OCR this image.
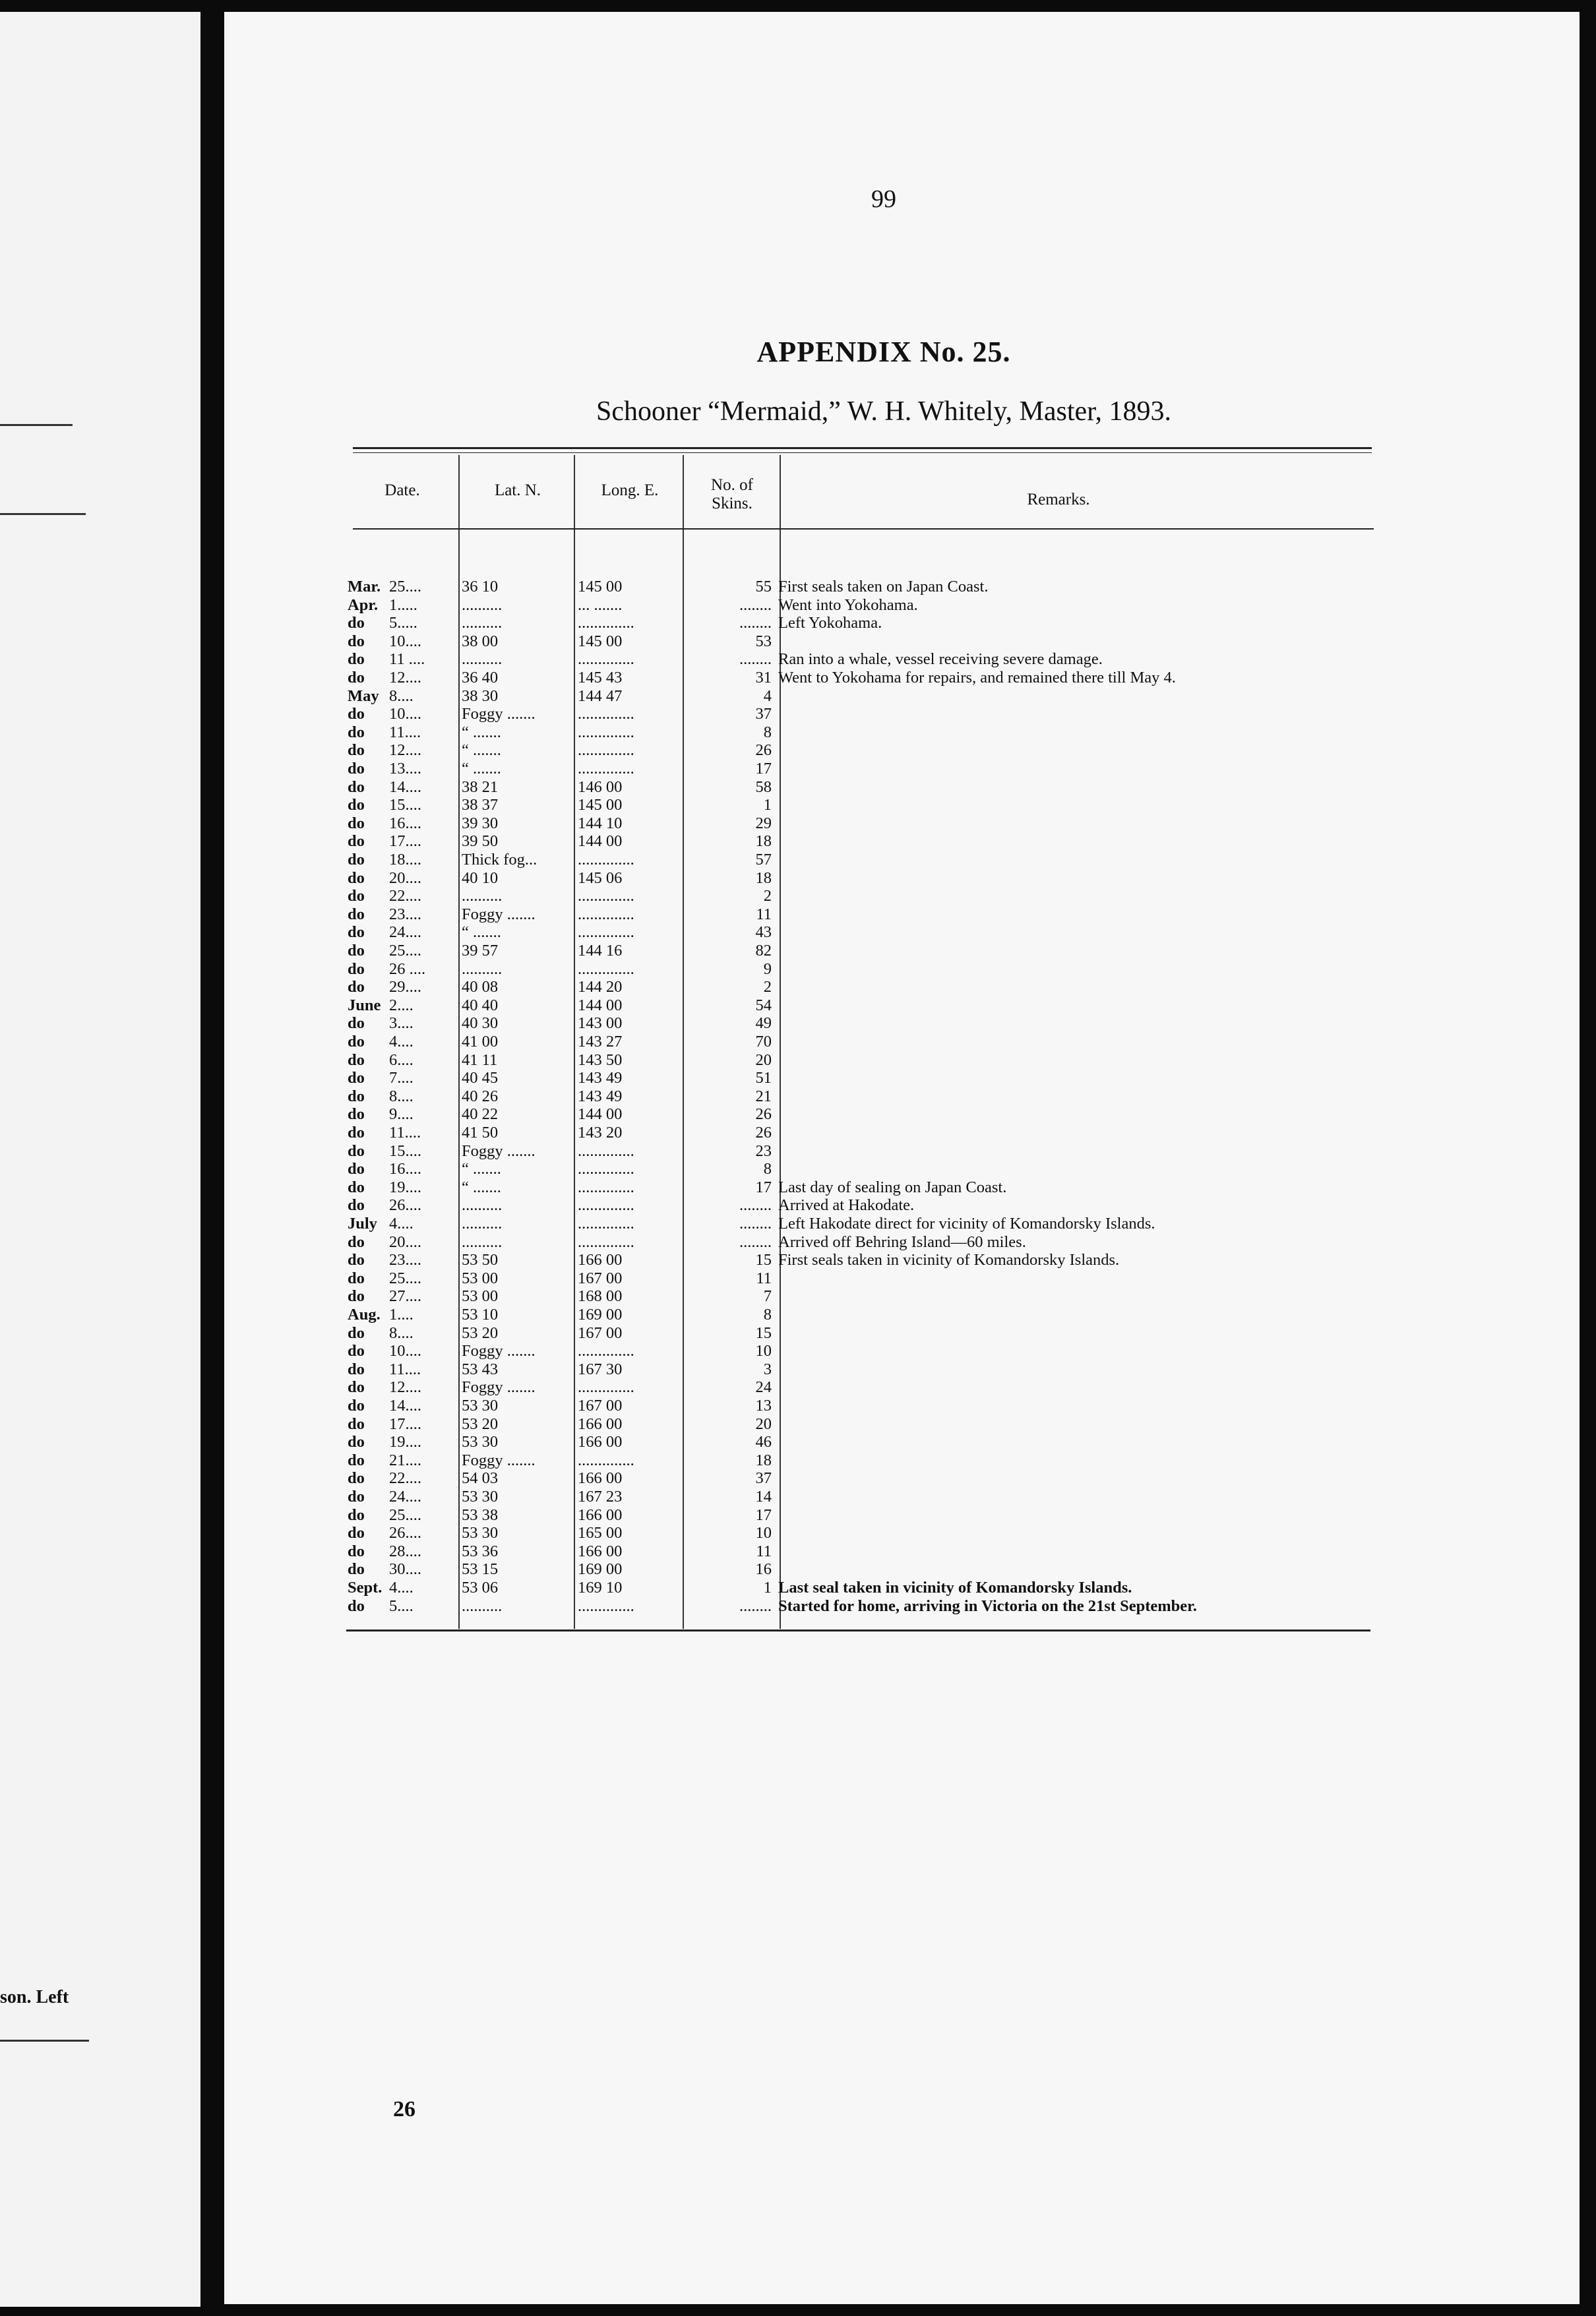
son. Left
99
APPENDIX No. 25.
Schooner “Mermaid,” W. H. Whitely, Master, 1893.
Date.	Lat. N.	Long. E.	No. of Skins.	Remarks.
Mar. 25....	36 10	145 00	55 First seals taken on Japan Coast.
Apr. 1.....	..........	... .......	........ Went into Yokohama.
do	5.....	..........	..............	........ Left Yokohama.
do	10....	38 00	145 00	53
do	11 ....	..........	..............	........ Ran into a whale, vessel receiving severe damage.
do	12....	36 40	145 43	31 Went to Yokohama for repairs, and remained there till May 4.
May 8....	38 30	144 47	4
do	10....	Foggy .......	..............	37
do	11....	“ .......	..............	8
do	12....	“ .......	..............	26
do	13....	“ .......	..............	17
do	14....	38 21	146 00	58
do	15....	38 37	145 00	1
do	16....	39 30	144 10	29
do	17....	39 50	144 00	18
do	18....	Thick fog...	..............	57
do	20....	40 10	145 06	18
do	22....	..........	..............	2
do	23....	Foggy .......	..............	11
do	24....	“ .......	..............	43
do	25....	39 57	144 16	82
do	26 ....	..........	..............	9
do	29....	40 08	144 20	2
June 2....	40 40	144 00	54
do	3....	40 30	143 00	49
do	4....	41 00	143 27	70
do	6....	41 11	143 50	20
do	7....	40 45	143 49	51
do	8....	40 26	143 49	21
do	9....	40 22	144 00	26
do	11....	41 50	143 20	26
do	15....	Foggy .......	..............	23
do	16....	“ .......	..............	8
do	19....	“ .......	..............	17 Last day of sealing on Japan Coast.
do	26....	..........	..............	........ Arrived at Hakodate.
July 4....	..........	..............	........ Left Hakodate direct for vicinity of Komandorsky Islands.
do	20....	..........	..............	........ Arrived off Behring Island—60 miles.
do	23....	53 50	166 00	15 First seals taken in vicinity of Komandorsky Islands.
do	25....	53 00	167 00	11
do	27....	53 00	168 00	7
Aug. 1....	53 10	169 00	8
do	8....	53 20	167 00	15
do	10....	Foggy .......	..............	10
do	11....	53 43	167 30	3
do	12....	Foggy .......	..............	24
do	14....	53 30	167 00	13
do	17....	53 20	166 00	20
do	19....	53 30	166 00	46
do	21....	Foggy .......	..............	18
do	22....	54 03	166 00	37
do	24....	53 30	167 23	14
do	25....	53 38	166 00	17
do	26....	53 30	165 00	10
do	28....	53 36	166 00	11
do	30....	53 15	169 00	16
Sept. 4....	53 06	169 10	1 Last seal taken in vicinity of Komandorsky Islands.
do	5....	..........	..............	........ Started for home, arriving in Victoria on the 21st September.
26
